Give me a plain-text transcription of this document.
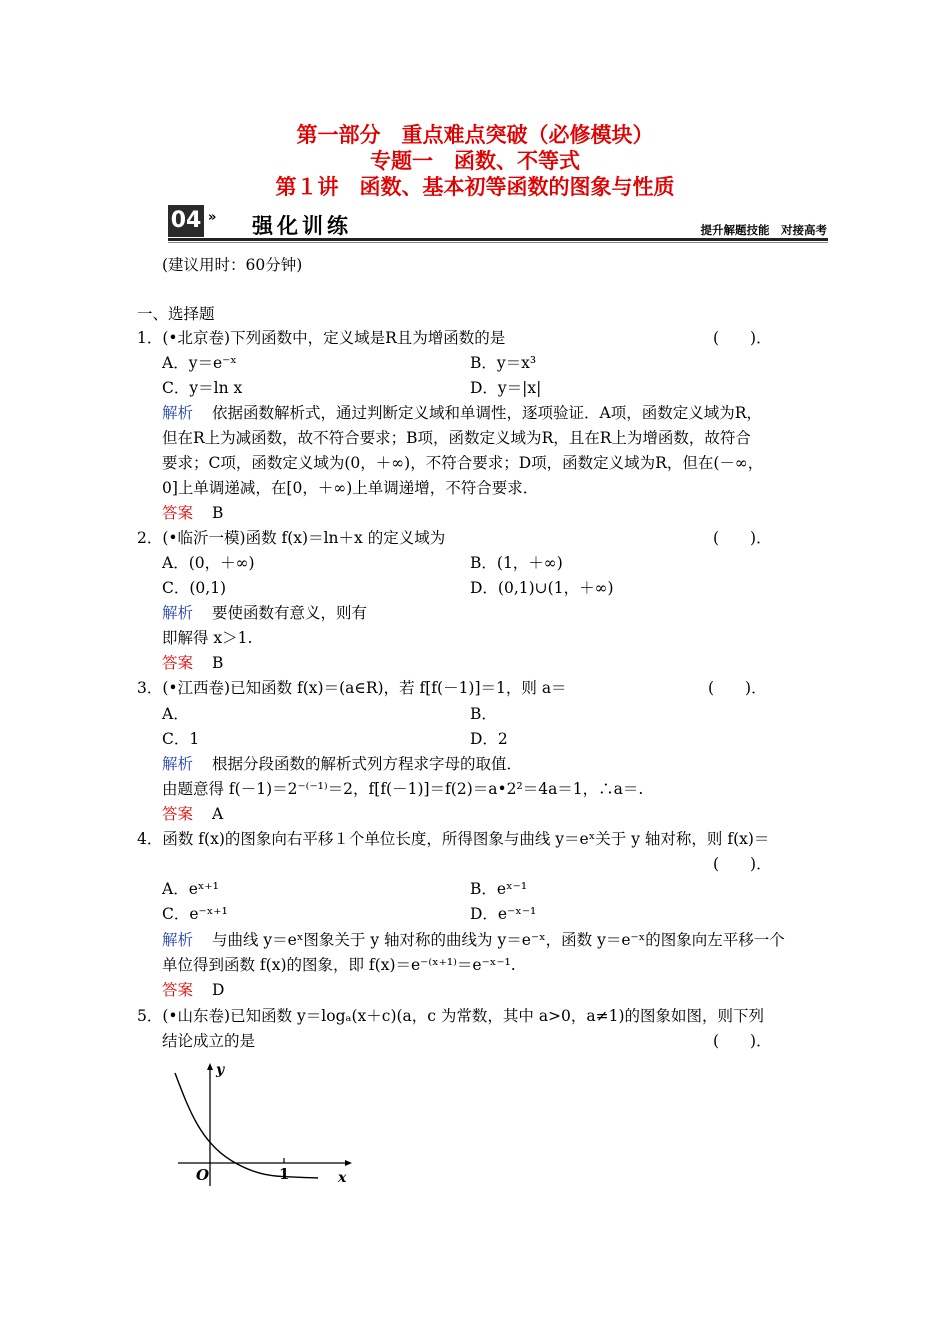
第一部分　重点难点突破（必修模块）
专题一　函数、不等式
第１讲　函数、基本初等函数的图象与性质
04 » 强化训练	提升解题技能　对接高考
(建议用时：60分钟)
一、选择题
1．(•北京卷)下列函数中，定义域是R且为增函数的是	(　　)．
A．y＝e⁻ˣ	B．y＝x³
C．y＝ln x	D．y＝|x|
解析 依据函数解析式，通过判断定义域和单调性，逐项验证．A项，函数定义域为R，
但在R上为减函数，故不符合要求；B项，函数定义域为R，且在R上为增函数，故符合
要求；C项，函数定义域为(0，＋∞)，不符合要求；D项，函数定义域为R，但在(－∞，
0]上单调递减，在[0，＋∞)上单调递增，不符合要求．
答案 B
2．(•临沂一模)函数 f(x)＝ln＋x 的定义域为	(　　)．
A．(0，＋∞)	B．(1，＋∞)
C．(0,1)	D．(0,1)∪(1，＋∞)
解析 要使函数有意义，则有
即解得 x＞1.
答案 B
3．(•江西卷)已知函数 f(x)＝(a∈R)，若 f[f(－1)]＝1，则 a＝	(　　)．
A．	B．
C．1	D．2
解析 根据分段函数的解析式列方程求字母的取值．
由题意得 f(－1)＝2⁻⁽⁻¹⁾＝2，f[f(－1)]＝f(2)＝a•2²＝4a＝1，∴a＝.
答案 A
4．函数 f(x)的图象向右平移１个单位长度，所得图象与曲线 y＝eˣ关于 y 轴对称，则 f(x)＝
(　　)．
A．eˣ⁺¹	B．eˣ⁻¹
C．e⁻ˣ⁺¹	D．e⁻ˣ⁻¹
解析 与曲线 y＝eˣ图象关于 y 轴对称的曲线为 y＝e⁻ˣ，函数 y＝e⁻ˣ的图象向左平移一个
单位得到函数 f(x)的图象，即 f(x)＝e⁻⁽ˣ⁺¹⁾＝e⁻ˣ⁻¹.
答案 D
5．(•山东卷)已知函数 y＝logₐ(x＋c)(a，c 为常数，其中 a>0，a≠1)的图象如图，则下列
结论成立的是	(　　)．
y
x
O	1
